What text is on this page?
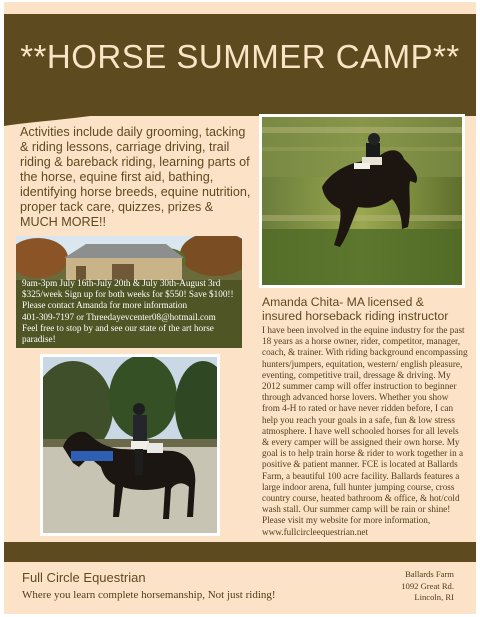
**HORSE SUMMER CAMP**
Activities include daily grooming, tacking & riding lessons, carriage driving, trail riding & bareback riding, learning parts of the horse, equine first aid, bathing, identifying horse breeds, equine nutrition, proper tack care, quizzes, prizes & MUCH MORE!!
9am-3pm July 16th-July 20th & July 30th-August 3rd
$325/week Sign up for both weeks for $550! Save $100!!
Please contact Amanda for more information
401-309-7197 or Threedayevcenter08@hotmail.com
Feel free to stop by and see our state of the art horse paradise!
Amanda Chita- MA licensed & insured horseback riding instructor
I have been involved in the equine industry for the past 18 years as a horse owner, rider, competitor, manager, coach, & trainer. With riding background encompassing hunters/jumpers, equitation, western/ english pleasure, eventing, competitive trail, dressage & driving. My 2012 summer camp will offer instruction to beginner through advanced horse lovers. Whether you show from 4-H to rated or have never ridden before, I can help you reach your goals in a safe, fun & low stress atmosphere. I have well schooled horses for all levels & every camper will be assigned their own horse. My goal is to help train horse & rider to work together in a positive & patient manner. FCE is located at Ballards Farm, a beautiful 100 acre facility. Ballards features a large indoor arena, full hunter jumping course, cross country course, heated bathroom & office, & hot/cold wash stall. Our summer camp will be rain or shine! Please visit my website for more information, www.fullcircleequestrian.net
Full Circle Equestrian
Where you learn complete horsemanship, Not just riding!
Ballards Farm
1092 Great Rd.
Lincoln, RI
